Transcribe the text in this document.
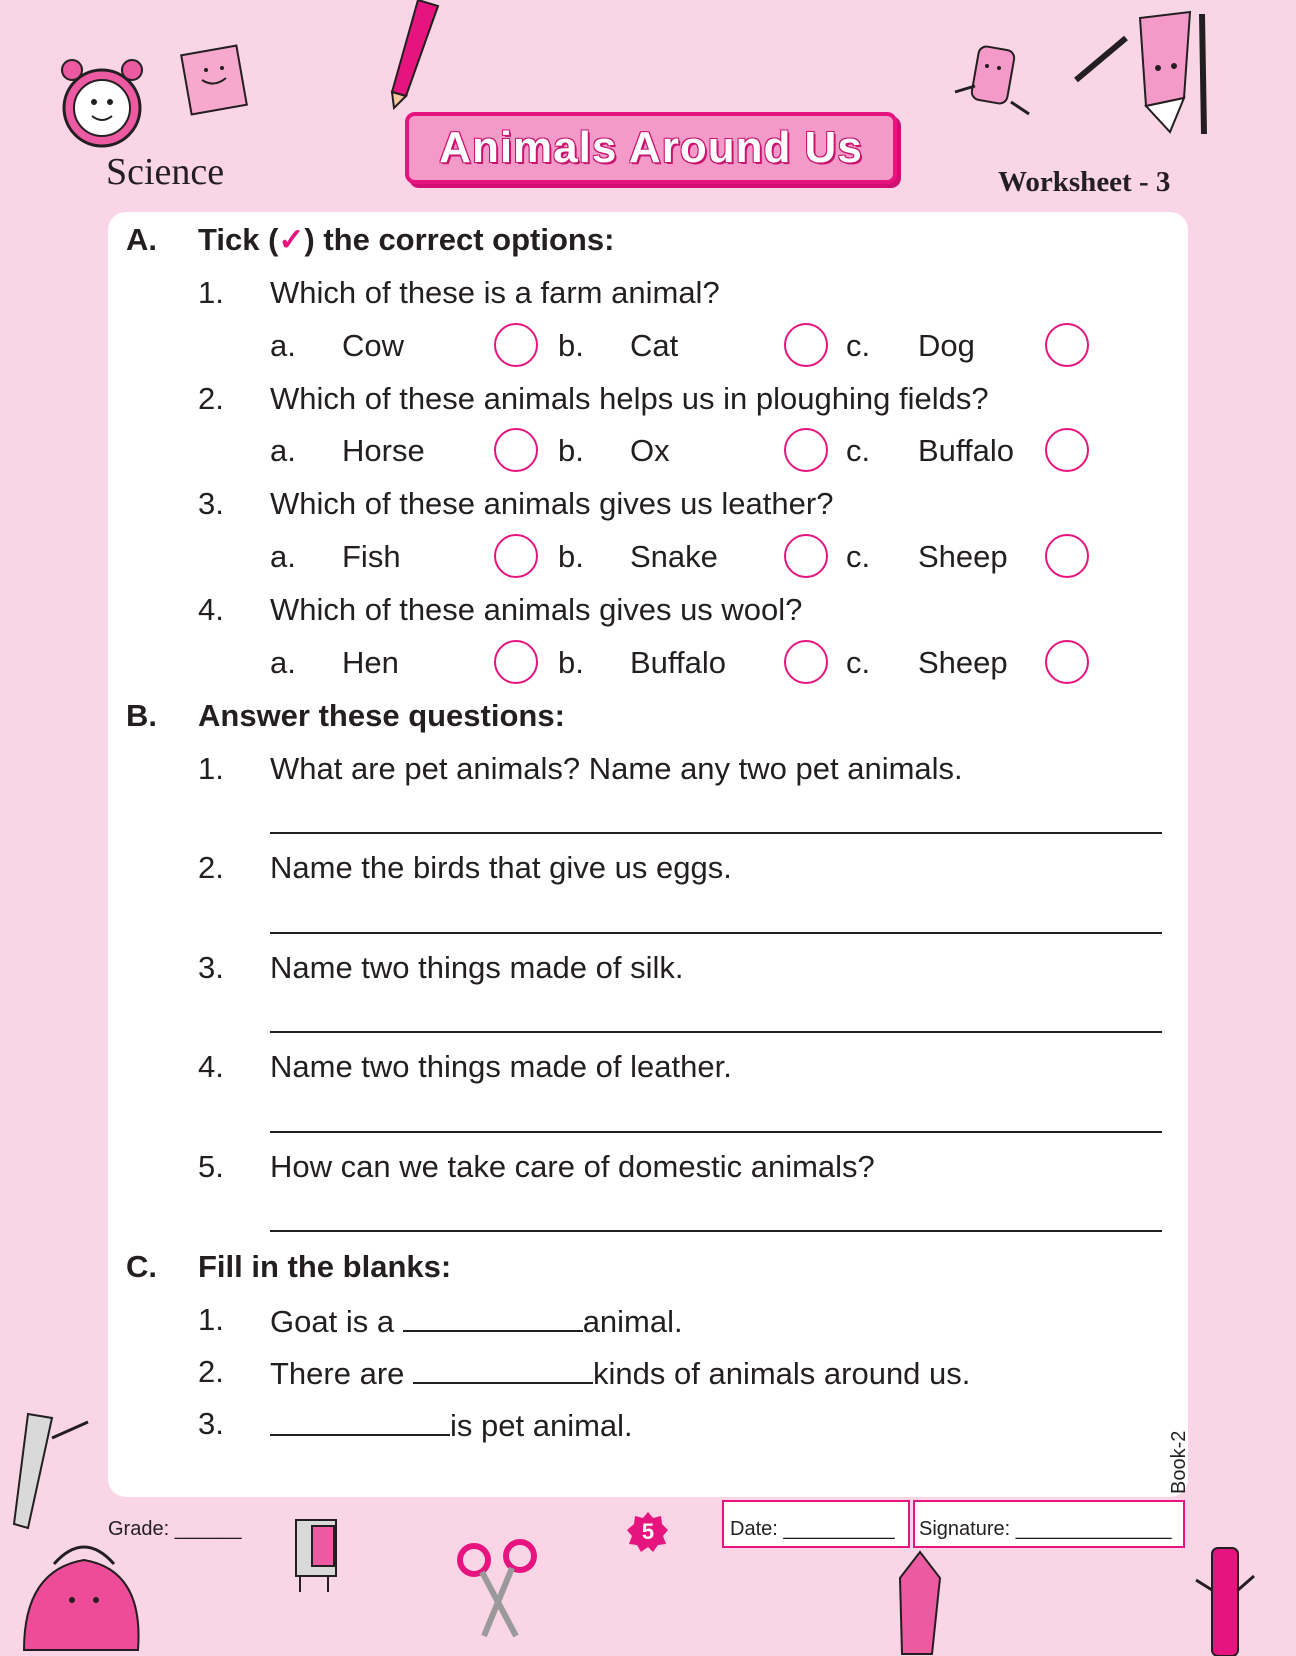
Science	Animals Around Us
Worksheet - 3
A. Tick (✓) the correct options:
1. Which of these is a farm animal?
a. Cow	b. Cat	c. Dog
2. Which of these animals helps us in ploughing fields?
a. Horse	b. Ox	c. Buffalo
3. Which of these animals gives us leather?
a. Fish	b. Snake	c. Sheep
4. Which of these animals gives us wool?
a. Hen	b. Buffalo	c. Sheep
B. Answer these questions:
1. What are pet animals? Name any two pet animals.
2. Name the birds that give us eggs.
3. Name two things made of silk.
4. Name two things made of leather.
5. How can we take care of domestic animals?
C. Fill in the blanks:
1. Goat is a	animal.
2. There are	kinds of animals around us.
3.	is pet animal.
Grade: ______	5	Date: __________ Signature: ______________
Book-2
